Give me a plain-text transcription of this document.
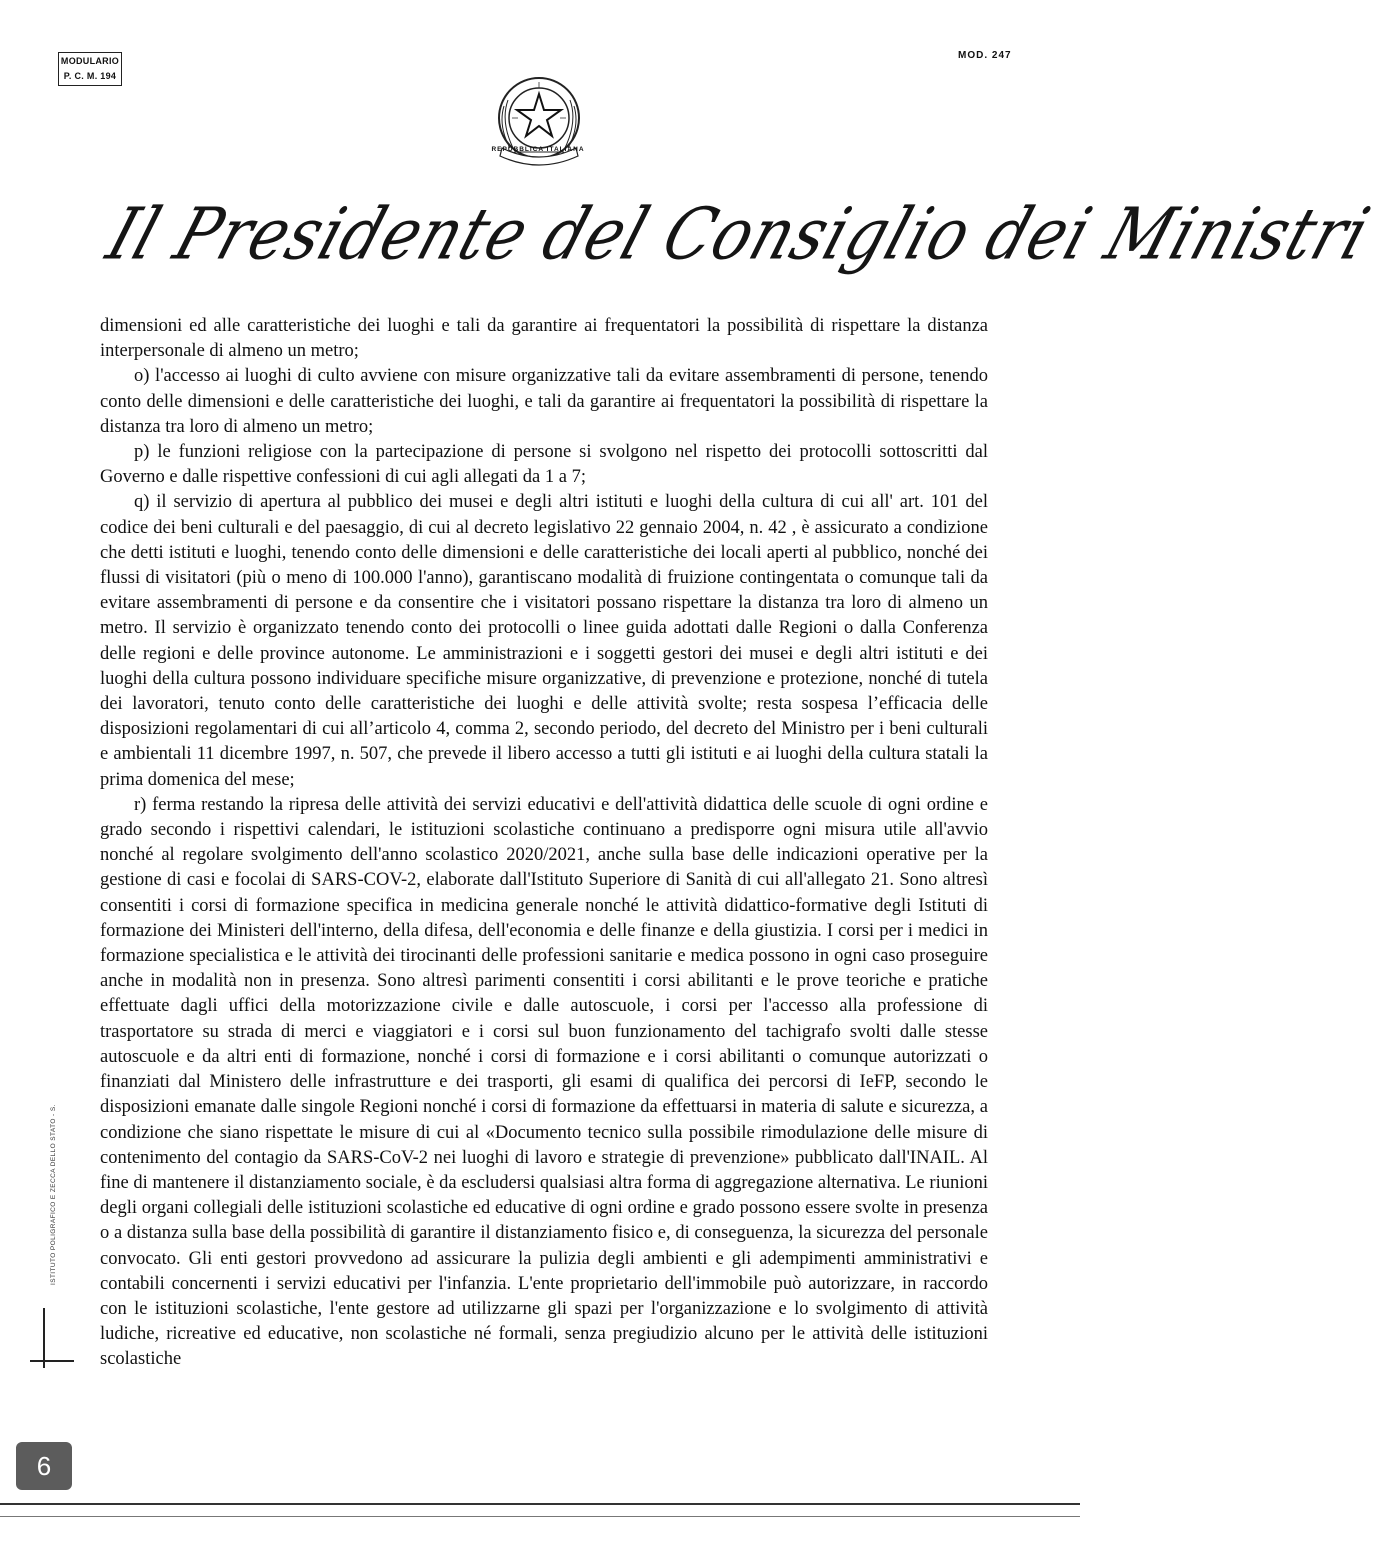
MODULARIO
P. C. M. 194
MOD. 247
REPUBBLICA ITALIANA
Il Presidente del Consiglio dei Ministri

dimensioni ed alle caratteristiche dei luoghi e tali da garantire ai frequentatori la possibilità di rispettare la distanza interpersonale di almeno un metro;

o) l'accesso ai luoghi di culto avviene con misure organizzative tali da evitare assembramenti di persone, tenendo conto delle dimensioni e delle caratteristiche dei luoghi, e tali da garantire ai frequentatori la possibilità di rispettare la distanza tra loro di almeno un metro;

p) le funzioni religiose con la partecipazione di persone si svolgono nel rispetto dei protocolli sottoscritti dal Governo e dalle rispettive confessioni di cui agli allegati da 1 a 7;

q) il servizio di apertura al pubblico dei musei e degli altri istituti e luoghi della cultura di cui all' art. 101 del codice dei beni culturali e del paesaggio, di cui al decreto legislativo 22 gennaio 2004, n. 42 , è assicurato a condizione che detti istituti e luoghi, tenendo conto delle dimensioni e delle caratteristiche dei locali aperti al pubblico, nonché dei flussi di visitatori (più o meno di 100.000 l'anno), garantiscano modalità di fruizione contingentata o comunque tali da evitare assembramenti di persone e da consentire che i visitatori possano rispettare la distanza tra loro di almeno un metro. Il servizio è organizzato tenendo conto dei protocolli o linee guida adottati dalle Regioni o dalla Conferenza delle regioni e delle province autonome. Le amministrazioni e i soggetti gestori dei musei e degli altri istituti e dei luoghi della cultura possono individuare specifiche misure organizzative, di prevenzione e protezione, nonché di tutela dei lavoratori, tenuto conto delle caratteristiche dei luoghi e delle attività svolte; resta sospesa l’efficacia delle disposizioni regolamentari di cui all’articolo 4, comma 2, secondo periodo, del decreto del Ministro per i beni culturali e ambientali 11 dicembre 1997, n. 507, che prevede il libero accesso a tutti gli istituti e ai luoghi della cultura statali la prima domenica del mese;

r) ferma restando la ripresa delle attività dei servizi educativi e dell'attività didattica delle scuole di ogni ordine e grado secondo i rispettivi calendari, le istituzioni scolastiche continuano a predisporre ogni misura utile all'avvio nonché al regolare svolgimento dell'anno scolastico 2020/2021, anche sulla base delle indicazioni operative per la gestione di casi e focolai di SARS-COV-2, elaborate dall'Istituto Superiore di Sanità di cui all'allegato 21. Sono altresì consentiti i corsi di formazione specifica in medicina generale nonché le attività didattico-formative degli Istituti di formazione dei Ministeri dell'interno, della difesa, dell'economia e delle finanze e della giustizia. I corsi per i medici in formazione specialistica e le attività dei tirocinanti delle professioni sanitarie e medica possono in ogni caso proseguire anche in modalità non in presenza. Sono altresì parimenti consentiti i corsi abilitanti e le prove teoriche e pratiche effettuate dagli uffici della motorizzazione civile e dalle autoscuole, i corsi per l'accesso alla professione di trasportatore su strada di merci e viaggiatori e i corsi sul buon funzionamento del tachigrafo svolti dalle stesse autoscuole e da altri enti di formazione, nonché i corsi di formazione e i corsi abilitanti o comunque autorizzati o finanziati dal Ministero delle infrastrutture e dei trasporti, gli esami di qualifica dei percorsi di IeFP, secondo le disposizioni emanate dalle singole Regioni nonché i corsi di formazione da effettuarsi in materia di salute e sicurezza, a condizione che siano rispettate le misure di cui al «Documento tecnico sulla possibile rimodulazione delle misure di contenimento del contagio da SARS-CoV-2 nei luoghi di lavoro e strategie di prevenzione» pubblicato dall'INAIL. Al fine di mantenere il distanziamento sociale, è da escludersi qualsiasi altra forma di aggregazione alternativa. Le riunioni degli organi collegiali delle istituzioni scolastiche ed educative di ogni ordine e grado possono essere svolte in presenza o a distanza sulla base della possibilità di garantire il distanziamento fisico e, di conseguenza, la sicurezza del personale convocato. Gli enti gestori provvedono ad assicurare la pulizia degli ambienti e gli adempimenti amministrativi e contabili concernenti i servizi educativi per l'infanzia. L'ente proprietario dell'immobile può autorizzare, in raccordo con le istituzioni scolastiche, l'ente gestore ad utilizzarne gli spazi per l'organizzazione e lo svolgimento di attività ludiche, ricreative ed educative, non scolastiche né formali, senza pregiudizio alcuno per le attività delle istituzioni scolastiche

ISTITUTO POLIGRAFICO E ZECCA DELLO STATO - S.
6
